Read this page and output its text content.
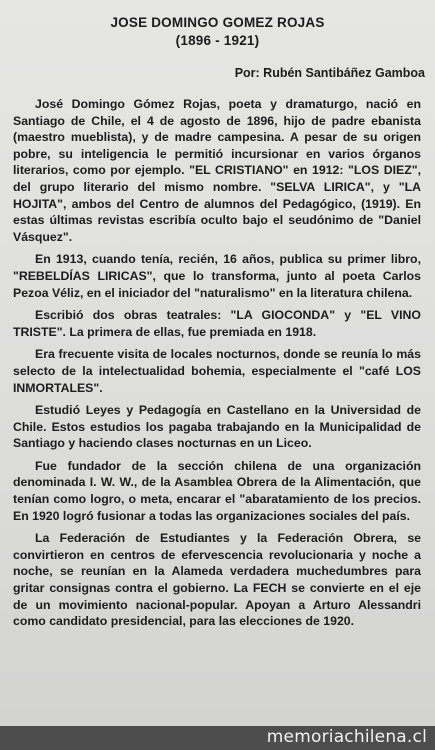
JOSE DOMINGO GOMEZ ROJAS
(1896 - 1921)
Por: Rubén Santibáñez Gamboa

José Domingo Gómez Rojas, poeta y dramaturgo, nació en Santiago de Chile, el 4 de agosto de 1896, hijo de padre ebanista (maestro mueblista), y de madre campesina. A pesar de su origen pobre, su inteligencia le permitió incursionar en varios órganos literarios, como por ejemplo. "EL CRISTIANO" en 1912: "LOS DIEZ", del grupo literario del mismo nombre. "SELVA LIRICA", y "LA HOJITA", ambos del Centro de alumnos del Pedagógico, (1919). En estas últimas revistas escribía oculto bajo el seudónimo de "Daniel Vásquez".

En 1913, cuando tenía, recién, 16 años, publica su primer libro, "REBELDÍAS LIRICAS", que lo transforma, junto al poeta Carlos Pezoa Véliz, en el iniciador del "naturalismo" en la literatura chilena.

Escribió dos obras teatrales: "LA GIOCONDA" y "EL VINO TRISTE". La primera de ellas, fue premiada en 1918.

Era frecuente visita de locales nocturnos, donde se reunía lo más selecto de la intelectualidad bohemia, especialmente el "café LOS INMORTALES".

Estudió Leyes y Pedagogía en Castellano en la Universidad de Chile. Estos estudios los pagaba trabajando en la Municipalidad de Santiago y haciendo clases nocturnas en un Liceo.

Fue fundador de la sección chilena de una organización denominada I. W. W., de la Asamblea Obrera de la Alimentación, que tenían como logro, o meta, encarar el "abaratamiento de los precios. En 1920 logró fusionar a todas las organizaciones sociales del país.

La Federación de Estudiantes y la Federación Obrera, se convirtieron en centros de efervescencia revolucionaria y noche a noche, se reunían en la Alameda verdadera muchedumbres para gritar consignas contra el gobierno. La FECH se convierte en el eje de un movimiento nacional-popular. Apoyan a Arturo Alessandri como candidato presidencial, para las elecciones de 1920.

memoriachilena.cl
